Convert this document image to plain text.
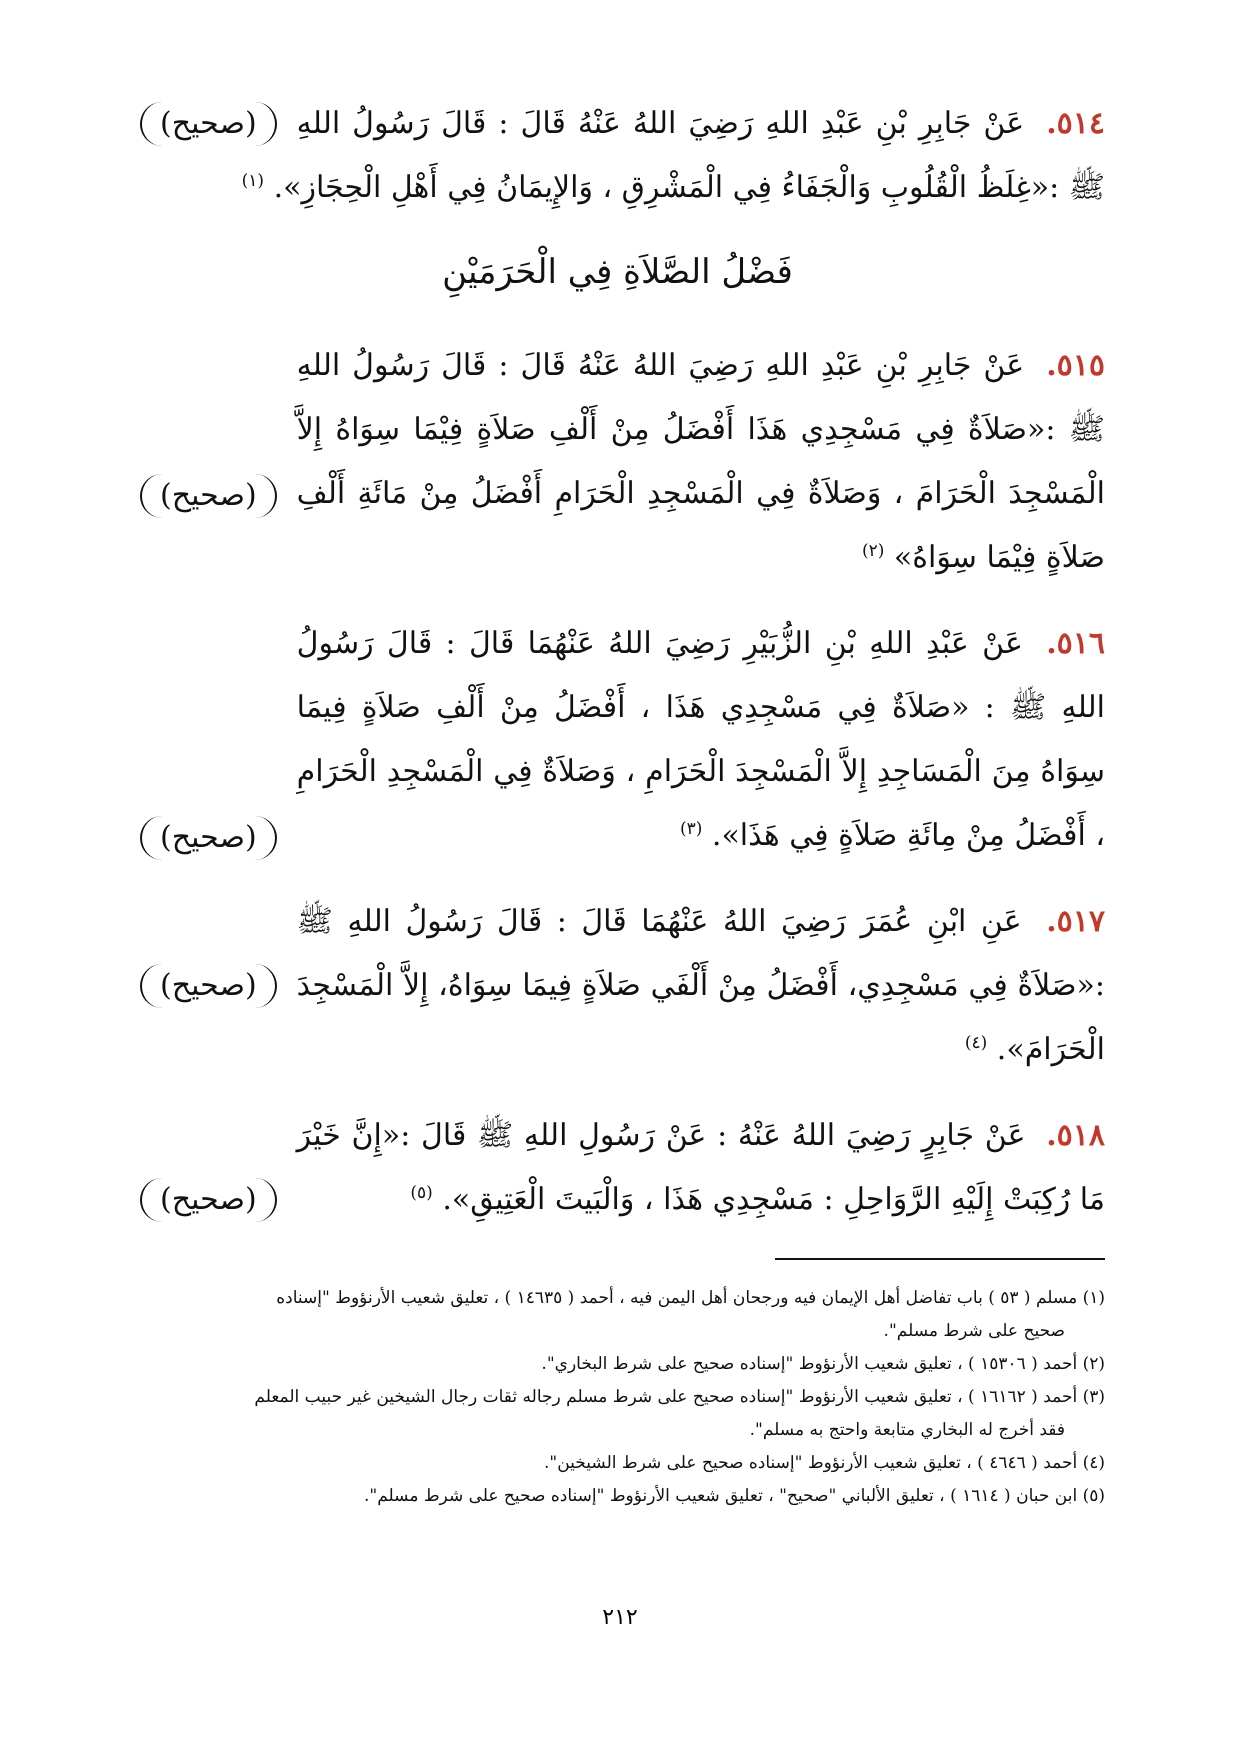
(صحيح)	٥١٤. عَنْ جَابِرِ بْنِ عَبْدِ اللهِ رَضِيَ اللهُ عَنْهُ قَالَ : قَالَ رَسُولُ اللهِ ﷺ :«غِلَظُ الْقُلُوبِ وَالْجَفَاءُ فِي الْمَشْرِقِ ، وَالإِيمَانُ فِي أَهْلِ الْحِجَازِ». $^{(١)}$
فَضْلُ الصَّلاَةِ فِي الْحَرَمَيْنِ
(صحيح)
٥١٥. عَنْ جَابِرِ بْنِ عَبْدِ اللهِ رَضِيَ اللهُ عَنْهُ قَالَ : قَالَ رَسُولُ اللهِ ﷺ :«صَلاَةٌ فِي مَسْجِدِي هَذَا أَفْضَلُ مِنْ أَلْفِ صَلاَةٍ فِيْمَا سِوَاهُ إِلاَّ الْمَسْجِدَ الْحَرَامَ ، وَصَلاَةٌ فِي الْمَسْجِدِ الْحَرَامِ أَفْضَلُ مِنْ مَائَةِ أَلْفِ صَلاَةٍ فِيْمَا سِوَاهُ» $^{(٢)}$
(صحيح)
٥١٦. عَنْ عَبْدِ اللهِ بْنِ الزُّبَيْرِ رَضِيَ اللهُ عَنْهُمَا قَالَ : قَالَ رَسُولُ اللهِ ﷺ : «صَلاَةٌ فِي مَسْجِدِي هَذَا ، أَفْضَلُ مِنْ أَلْفِ صَلاَةٍ فِيمَا سِوَاهُ مِنَ الْمَسَاجِدِ إِلاَّ الْمَسْجِدَ الْحَرَامِ ، وَصَلاَةٌ فِي الْمَسْجِدِ الْحَرَامِ ، أَفْضَلُ مِنْ مِائَةِ صَلاَةٍ فِي هَذَا». $^{(٣)}$
(صحيح)
٥١٧. عَنِ ابْنِ عُمَرَ رَضِيَ اللهُ عَنْهُمَا قَالَ : قَالَ رَسُولُ اللهِ ﷺ :«صَلاَةٌ فِي مَسْجِدِي، أَفْضَلُ مِنْ أَلْفَي صَلاَةٍ فِيمَا سِوَاهُ، إِلاَّ الْمَسْجِدَ الْحَرَامَ». $^{(٤)}$
(صحيح)
٥١٨. عَنْ جَابِرٍ رَضِيَ اللهُ عَنْهُ : عَنْ رَسُولِ اللهِ ﷺ قَالَ :«إِنَّ خَيْرَ مَا رُكِبَتْ إِلَيْهِ الرَّوَاحِلِ : مَسْجِدِي هَذَا ، وَالْبَيتَ الْعَتِيقِ». $^{(٥)}$
(١) مسلم ( ٥٣ ) باب تفاضل أهل الإيمان فيه ورجحان أهل اليمن فيه ، أحمد ( ١٤٦٣٥ ) ، تعليق شعيب الأرنؤوط "إسناده
صحيح على شرط مسلم".
(٢) أحمد ( ١٥٣٠٦ ) ، تعليق شعيب الأرنؤوط "إسناده صحيح على شرط البخاري".
(٣) أحمد ( ١٦١٦٢ ) ، تعليق شعيب الأرنؤوط "إسناده صحيح على شرط مسلم رجاله ثقات رجال الشيخين غير حبيب المعلم
فقد أخرج له البخاري متابعة واحتج به مسلم".
(٤) أحمد ( ٤٦٤٦ ) ، تعليق شعيب الأرنؤوط "إسناده صحيح على شرط الشيخين".
(٥) ابن حبان ( ١٦١٤ ) ، تعليق الألباني "صحيح" ، تعليق شعيب الأرنؤوط "إسناده صحيح على شرط مسلم".
٢١٢
